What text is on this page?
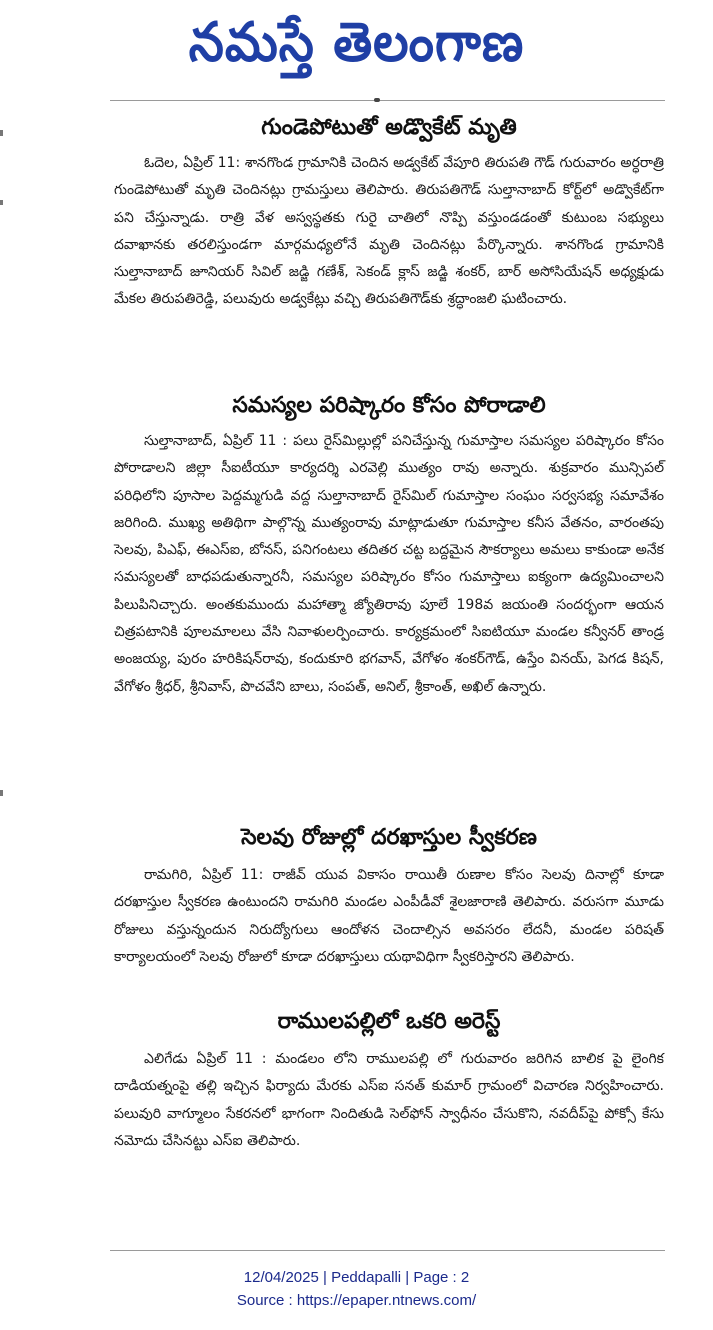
నమస్తే తెలంగాణ
గుండెపోటుతో అడ్వొకేట్ మృతి

ఓదెల, ఏప్రిల్ 11: శానగొండ గ్రామానికి చెందిన అడ్వకేట్ వేపూరి తిరుపతి గౌడ్ గురువారం అర్ధరాత్రి గుండెపోటుతో మృతి చెందినట్లు గ్రామస్తులు తెలిపారు. తిరుపతిగౌడ్ సుల్తానాబాద్ కోర్ట్‌లో అడ్వొకేట్‌గా పని చేస్తున్నాడు. రాత్రి వేళ అస్వస్థతకు గురై చాతిలో నొప్పి వస్తుండడంతో కుటుంబ సభ్యులు దవాఖానకు తరలిస్తుండగా మార్గమధ్యలోనే మృతి చెందినట్లు పేర్కొన్నారు. శానగొండ గ్రామానికి సుల్తానాబాద్ జూనియర్ సివిల్ జడ్జి గణేశ్, సెకండ్ క్లాస్ జడ్జి శంకర్, బార్ అసోసియేషన్ అధ్యక్షుడు మేకల తిరుపతిరెడ్డి, పలువురు అడ్వకేట్లు వచ్చి తిరుపతిగౌడ్‌కు శ్రద్ధాంజలి ఘటించారు.

సమస్యల పరిష్కారం కోసం పోరాడాలి

సుల్తానాబాద్, ఏప్రిల్ 11 : పలు రైస్‌మిల్లుల్లో పనిచేస్తున్న గుమాస్తాల సమస్యల పరిష్కారం కోసం పోరాడాలని జిల్లా సీఐటీయూ కార్యదర్శి ఎరవెల్లి ముత్యం రావు అన్నారు. శుక్రవారం మున్సిపల్ పరిధిలోని పూసాల పెద్దమ్మగుడి వద్ద సుల్తానాబాద్ రైస్‌మిల్ గుమాస్తాల సంఘం సర్వసభ్య సమావేశం జరిగింది. ముఖ్య అతిథిగా పాల్గొన్న ముత్యంరావు మాట్లాడుతూ గుమాస్తాల కనీస వేతనం, వారంతపు సెలవు, పిఎఫ్, ఈఎస్ఐ, బోనస్, పనిగంటలు తదితర చట్ట బద్దమైన సౌకర్యాలు అమలు కాకుండా అనేక సమస్యలతో బాధపడుతున్నారనీ, సమస్యల పరిష్కారం కోసం గుమాస్తాలు ఐక్యంగా ఉద్యమించాలని పిలుపినిచ్చారు. అంతకుముందు మహాత్మా జ్యోతిరావు పూలే 198వ జయంతి సందర్భంగా ఆయన చిత్రపటానికి పూలమాలలు వేసి నివాళులర్పించారు. కార్యక్రమంలో సిఐటియూ మండల కన్వీనర్ తాండ్ర అంజయ్య, పురం హరికిషన్‌రావు, కందుకూరి భగవాన్, వేగోళం శంకర్‌గౌడ్, ఉస్తేం వినయ్, పెగడ కిషన్, వేగోళం శ్రీధర్, శ్రీనివాస్, పొచవేని బాలు, సంపత్, అనిల్, శ్రీకాంత్, అఖిల్ ఉన్నారు.

సెలవు రోజుల్లో దరఖాస్తుల స్వీకరణ

రామగిరి, ఏప్రిల్ 11: రాజీవ్ యువ వికాసం రాయితీ రుణాల కోసం సెలవు దినాల్లో కూడా దరఖాస్తుల స్వీకరణ ఉంటుందని రామగిరి మండల ఎంపీడీవో శైలజారాణి తెలిపారు. వరుసగా మూడు రోజులు వస్తున్నందున నిరుద్యోగులు ఆందోళన చెందాల్సిన అవసరం లేదనీ, మండల పరిషత్ కార్యాలయంలో సెలవు రోజులో కూడా దరఖాస్తులు యథావిధిగా స్వీకరిస్తారని తెలిపారు.

రాములపల్లిలో ఒకరి అరెస్ట్

ఎలిగేడు ఏప్రిల్ 11 : మండలం లోని రాములపల్లి లో గురువారం జరిగిన బాలిక పై లైంగిక దాడియత్నంపై తల్లి ఇచ్చిన ఫిర్యాదు మేరకు ఎస్ఐ సనత్ కుమార్ గ్రామంలో విచారణ నిర్వహించారు. పలువురి వాగ్మూలం సేకరనలో భాగంగా నిందితుడి సెల్‌ఫోన్ స్వాధీనం చేసుకొని, నవదీప్‌పై పోక్సో కేసు నమోదు చేసినట్టు ఎస్ఐ తెలిపారు.

12/04/2025 | Peddapalli | Page : 2
Source : https://epaper.ntnews.com/
